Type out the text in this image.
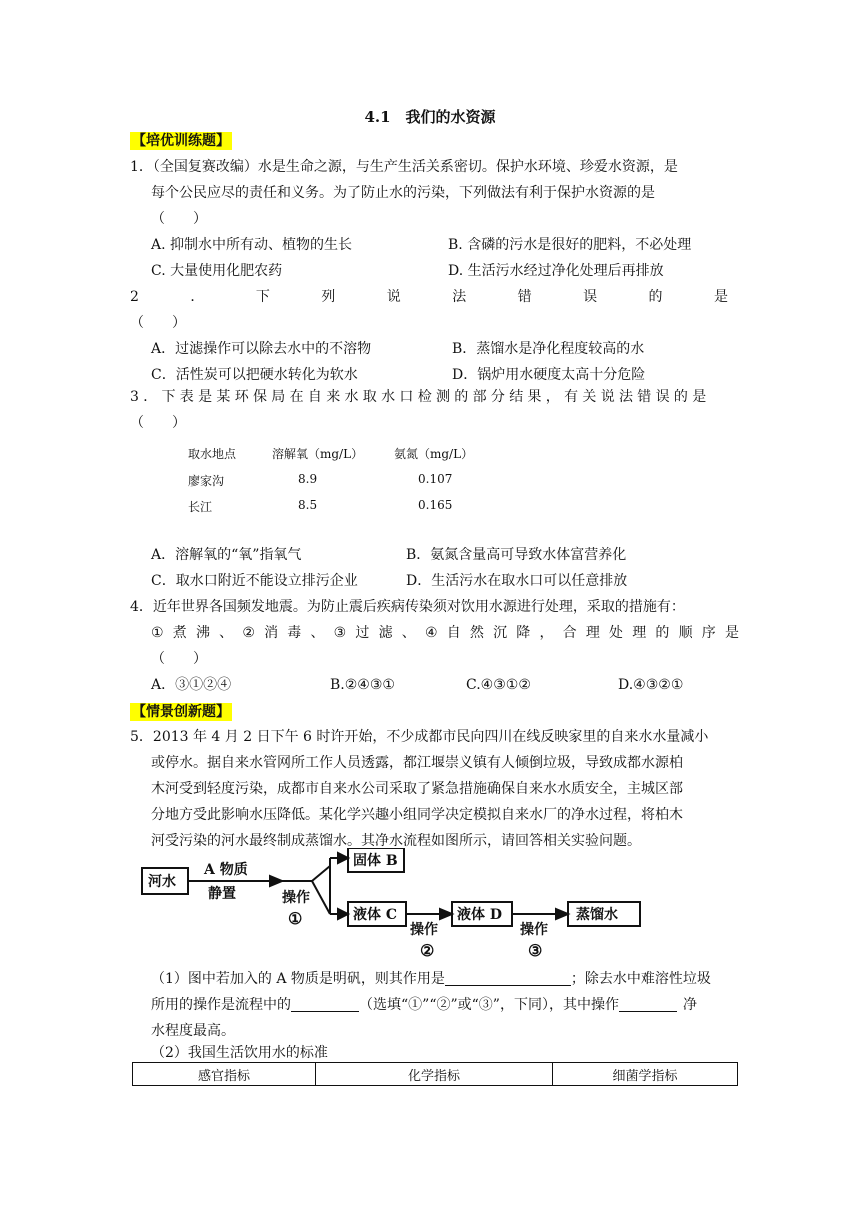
4.1　我们的水资源
【培优训练题】
1．（全国复赛改编）水是生命之源，与生产生活关系密切。保护水环境、珍爱水资源，是
每个公民应尽的责任和义务。为了防止水的污染，下列做法有利于保护水资源的是
（　　）
A. 抑制水中所有动、植物的生长	B. 含磷的污水是很好的肥料，不必处理
C. 大量使用化肥农药	D. 生活污水经过净化处理后再排放
2	．	下	列	说	法	错	误	的	是
（　　）
A．过滤操作可以除去水中的不溶物	B．蒸馏水是净化程度较高的水
C．活性炭可以把硬水转化为软水	D．锅炉用水硬度太高十分危险
3．下表是某环保局在自来水取水口检测的部分结果，有关说法错误的是
（　　）
取水地点	溶解氧（mg/L）	氨氮（mg/L）
廖家沟	8.9	0.107
长江	8.5	0.165
A．溶解氧的“氧”指氧气	B．氨氮含量高可导致水体富营养化
C．取水口附近不能设立排污企业	D．生活污水在取水口可以任意排放
4．近年世界各国频发地震。为防止震后疾病传染须对饮用水源进行处理，采取的措施有：
① 煮 沸 、 ② 消 毒 、 ③ 过 滤 、 ④ 自 然 沉 降 ， 合 理 处 理 的 顺 序 是
（　　）
A．③①②④	B.②④③①	C.④③①②	D.④③②①
【情景创新题】
5．2013 年 4 月 2 日下午 6 时许开始，不少成都市民向四川在线反映家里的自来水水量减小
或停水。据自来水管网所工作人员透露，都江堰崇义镇有人倾倒垃圾，导致成都水源柏
木河受到轻度污染，成都市自来水公司采取了紧急措施确保自来水水质安全，主城区部
分地方受此影响水压降低。某化学兴趣小组同学决定模拟自来水厂的净水过程，将柏木
河受污染的河水最终制成蒸馏水。其净水流程如图所示，请回答相关实验问题。
河水
A 物质
静置	操作
①
固体 B
液体 C
操作
②
液体 D
操作
③
蒸馏水
（1）图中若加入的 A 物质是明矾，则其作用是	；除去水中难溶性垃圾
所用的操作是流程中的	（选填“①”“②”或“③”，下同），其中操作	净
水程度最高。
（2）我国生活饮用水的标准
感官指标	化学指标	细菌学指标
